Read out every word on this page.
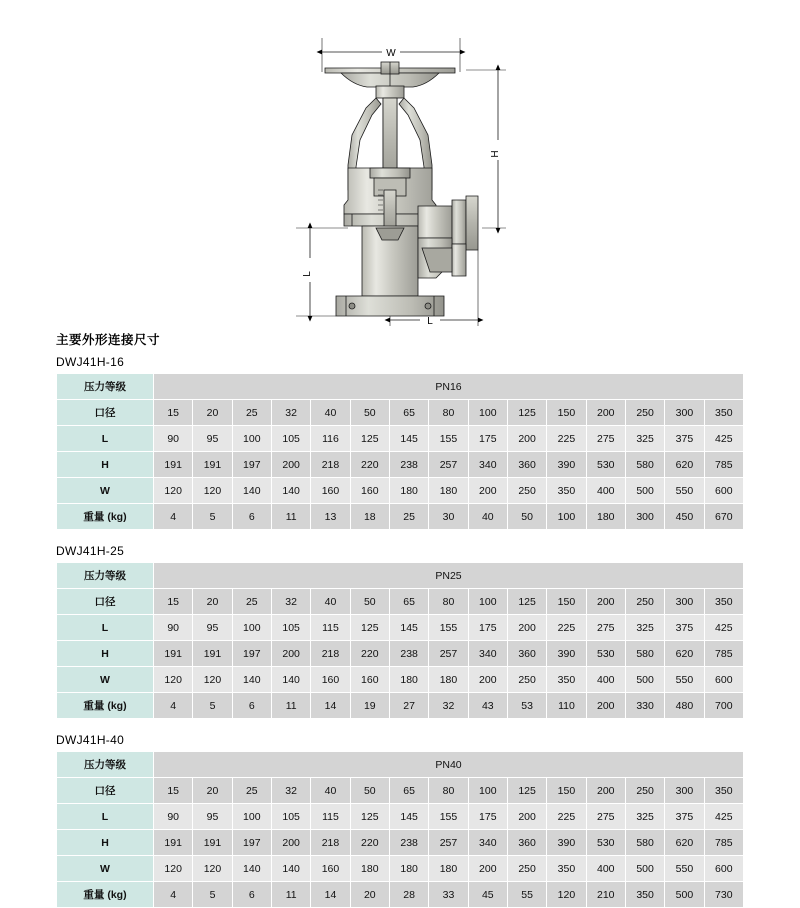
W
H
L
L
主要外形连接尺寸
DWJ41H-16
压力等级	PN16														
口径	15	20	25	32	40	50	65	80	100	125	150	200	250	300	350
L	90	95	100	105	116	125	145	155	175	200	225	275	325	375	425
H	191	191	197	200	218	220	238	257	340	360	390	530	580	620	785
W	120	120	140	140	160	160	180	180	200	250	350	400	500	550	600
重量 (kg)	4	5	6	11	13	18	25	30	40	50	100	180	300	450	670
DWJ41H-25
压力等级	PN25														
口径	15	20	25	32	40	50	65	80	100	125	150	200	250	300	350
L	90	95	100	105	115	125	145	155	175	200	225	275	325	375	425
H	191	191	197	200	218	220	238	257	340	360	390	530	580	620	785
W	120	120	140	140	160	160	180	180	200	250	350	400	500	550	600
重量 (kg)	4	5	6	11	14	19	27	32	43	53	110	200	330	480	700
DWJ41H-40
压力等级	PN40														
口径	15	20	25	32	40	50	65	80	100	125	150	200	250	300	350
L	90	95	100	105	115	125	145	155	175	200	225	275	325	375	425
H	191	191	197	200	218	220	238	257	340	360	390	530	580	620	785
W	120	120	140	140	160	180	180	180	200	250	350	400	500	550	600
重量 (kg)	4	5	6	11	14	20	28	33	45	55	120	210	350	500	730
